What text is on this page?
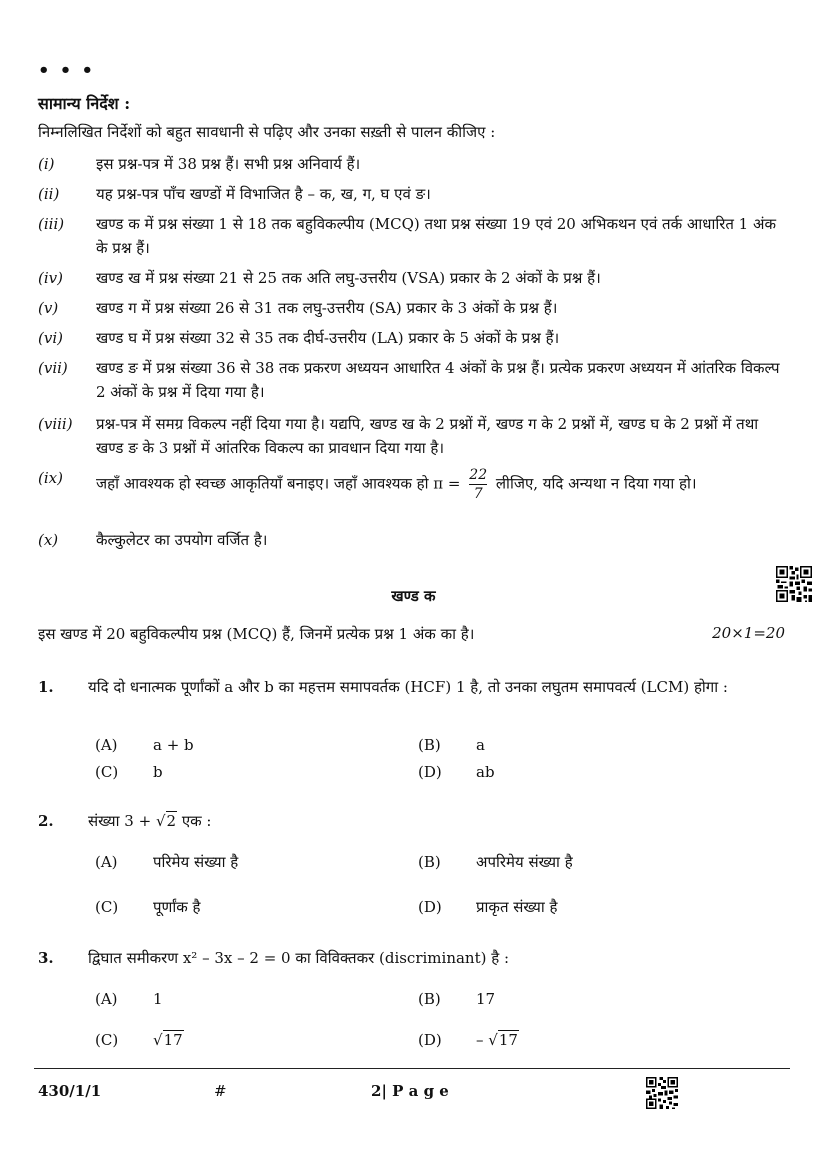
• • •
सामान्य निर्देश :
निम्नलिखित निर्देशों को बहुत सावधानी से पढ़िए और उनका सख़्ती से पालन कीजिए :
(i)	इस प्रश्न-पत्र में 38 प्रश्न हैं। सभी प्रश्न अनिवार्य हैं।
(ii)	यह प्रश्न-पत्र पाँच खण्डों में विभाजित है – क, ख, ग, घ एवं ङ।
(iii)	खण्ड क में प्रश्न संख्या 1 से 18 तक बहुविकल्पीय (MCQ) तथा प्रश्न संख्या 19 एवं 20 अभिकथन एवं तर्क आधारित 1 अंक के प्रश्न हैं।
(iv)	खण्ड ख में प्रश्न संख्या 21 से 25 तक अति लघु-उत्तरीय (VSA) प्रकार के 2 अंकों के प्रश्न हैं।
(v)	खण्ड ग में प्रश्न संख्या 26 से 31 तक लघु-उत्तरीय (SA) प्रकार के 3 अंकों के प्रश्न हैं।
(vi)	खण्ड घ में प्रश्न संख्या 32 से 35 तक दीर्घ-उत्तरीय (LA) प्रकार के 5 अंकों के प्रश्न हैं।
(vii)	खण्ड ङ में प्रश्न संख्या 36 से 38 तक प्रकरण अध्ययन आधारित 4 अंकों के प्रश्न हैं। प्रत्येक प्रकरण अध्ययन में आंतरिक विकल्प 2 अंकों के प्रश्न में दिया गया है।
(viii)	प्रश्न-पत्र में समग्र विकल्प नहीं दिया गया है। यद्यपि, खण्ड ख के 2 प्रश्नों में, खण्ड ग के 2 प्रश्नों में, खण्ड घ के 2 प्रश्नों में तथा खण्ड ङ के 3 प्रश्नों में आंतरिक विकल्प का प्रावधान दिया गया है।
(ix)	जहाँ आवश्यक हो स्वच्छ आकृतियाँ बनाइए। जहाँ आवश्यक हो $\pi = \frac{22}{7}$ लीजिए, यदि अन्यथा न दिया गया हो।
(x)	कैल्कुलेटर का उपयोग वर्जित है।
खण्ड क
इस खण्ड में 20 बहुविकल्पीय प्रश्न (MCQ) हैं, जिनमें प्रत्येक प्रश्न 1 अंक का है।	20×1=20
1.	यदि दो धनात्मक पूर्णांकों a और b का महत्तम समापवर्तक (HCF) 1 है, तो उनका लघुतम समापवर्त्य (LCM) होगा :
(A) a + b	(B) a
(C) b	(D) ab
2.	संख्या 3 + √2 एक :
(A) परिमेय संख्या है	(B) अपरिमेय संख्या है
(C) पूर्णांक है	(D) प्राकृत संख्या है
3.	द्विघात समीकरण x² – 3x – 2 = 0 का विविक्तकर (discriminant) है :
(A) 1	(B) 17
(C) √17	(D) – √17
430/1/1	#	2| P a g e
